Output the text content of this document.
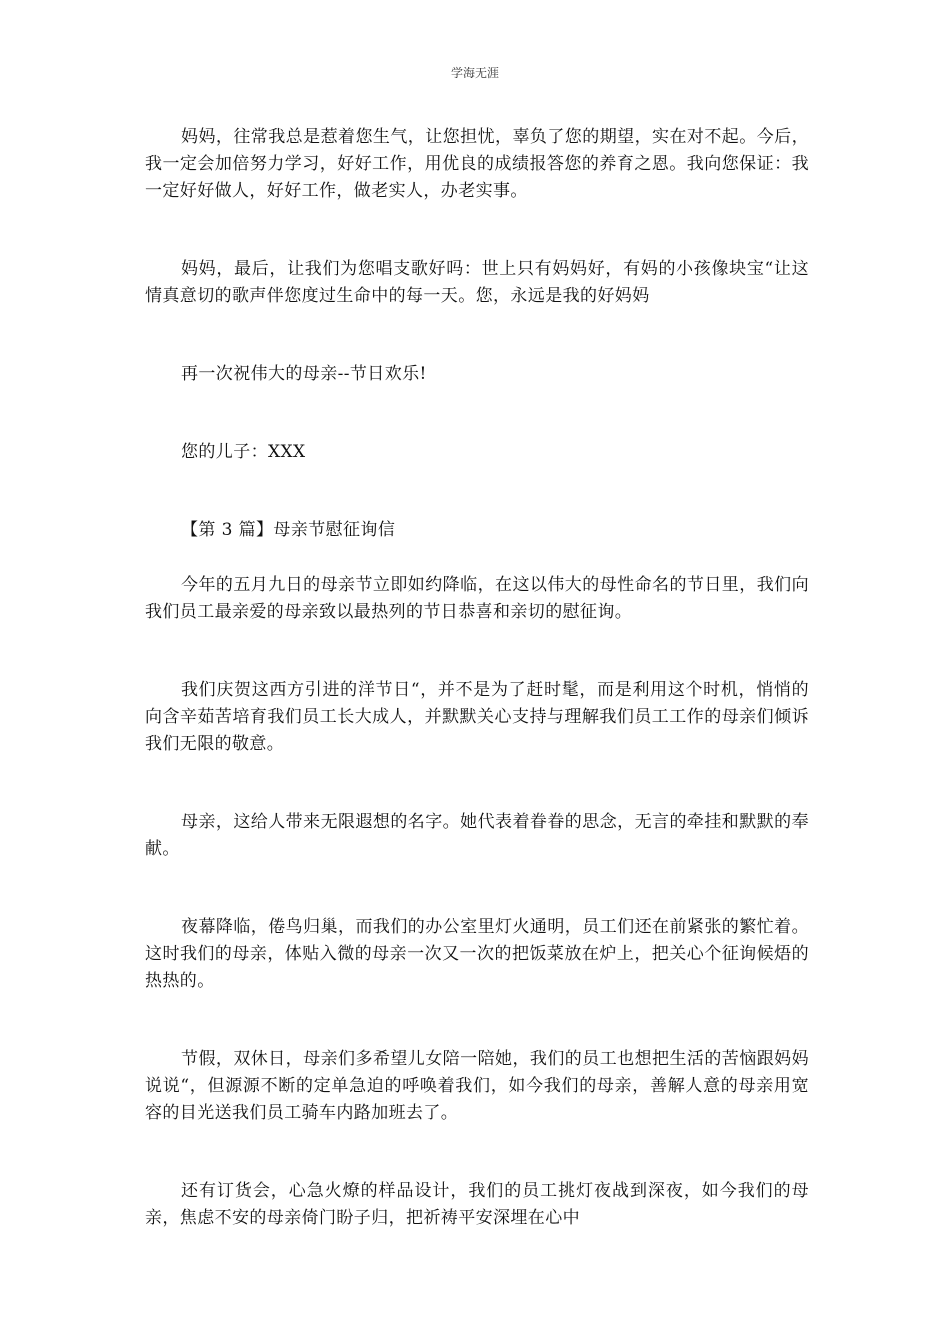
学海无涯

妈妈，往常我总是惹着您生气，让您担忧，辜负了您的期望，实在对不起。今后，我一定会加倍努力学习，好好工作，用优良的成绩报答您的养育之恩。我向您保证：我一定好好做人，好好工作，做老实人，办老实事。

妈妈，最后，让我们为您唱支歌好吗：世上只有妈妈好，有妈的小孩像块宝“让这情真意切的歌声伴您度过生命中的每一天。您，永远是我的好妈妈

再一次祝伟大的母亲--节日欢乐!

您的儿子：XXX

【第 3 篇】母亲节慰征询信

今年的五月九日的母亲节立即如约降临，在这以伟大的母性命名的节日里，我们向我们员工最亲爱的母亲致以最热列的节日恭喜和亲切的慰征询。

我们庆贺这西方引进的洋节日“，并不是为了赶时髦，而是利用这个时机，悄悄的向含辛茹苦培育我们员工长大成人，并默默关心支持与理解我们员工工作的母亲们倾诉我们无限的敬意。

母亲，这给人带来无限遐想的名字。她代表着眷眷的思念，无言的牵挂和默默的奉献。

夜幕降临，倦鸟归巢，而我们的办公室里灯火通明，员工们还在前紧张的繁忙着。这时我们的母亲，体贴入微的母亲一次又一次的把饭菜放在炉上，把关心个征询候焐的热热的。

节假，双休日，母亲们多希望儿女陪一陪她，我们的员工也想把生活的苦恼跟妈妈说说“，但源源不断的定单急迫的呼唤着我们，如今我们的母亲，善解人意的母亲用宽容的目光送我们员工骑车内路加班去了。

还有订货会，心急火燎的样品设计，我们的员工挑灯夜战到深夜，如今我们的母亲，焦虑不安的母亲倚门盼子归，把祈祷平安深埋在心中
